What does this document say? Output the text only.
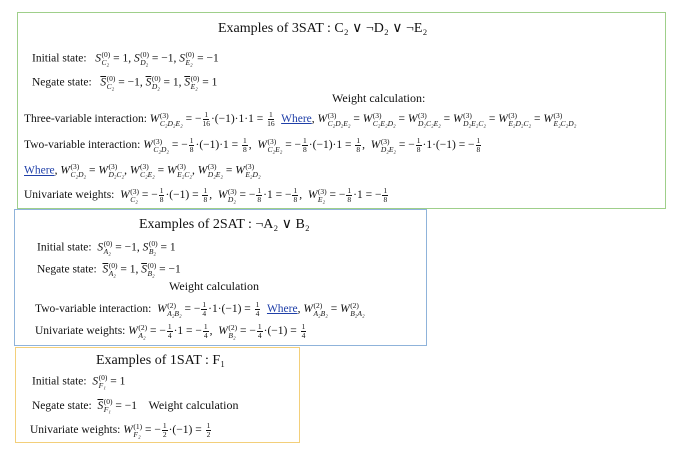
Examples of 3SAT : C₂ ∨ ¬D₂ ∨ ¬E₂
Initial state: S (0)
C₂ = 1, S (0)
D₂ = −1, S (0)
E₂ = −1
Negate state: $\overline{S}$ (0)
C₂ = −1, $\overline{S}$ (0)
D₂ = 1, $\overline{S}$ (0)
E₂ = 1
Weight calculation:
Three-variable interaction: W (3)
C₂D₂E₂ = − $\frac{1}{16} \cdot(-1)\cdot 1\cdot 1 = \frac{1}{16}$ Where, W (3)
C₂D₂E₂ = W (3)
C₂E₂D₂ = W (3)
D₂C₂E₂ = W (3)
D₂E₂C₂ = W (3)
E₂D₂C₂ = W (3)
E₂C₂D₂
Two-variable interaction: W (3)
C₂D₂ = − $\frac{1}{8} \cdot(-1)\cdot 1 = \frac{1}{8}$ ,  W (3)
C₂E₂ = − $\frac{1}{8} \cdot(-1)\cdot 1 = \frac{1}{8}$ ,  W (3)
D₂E₂ = − $\frac{1}{8} \cdot 1\cdot(-1)$ = − $\frac{1}{8}$
Where, W (3)
C₂D₂ = W (3)
D₂C₂ , W (3)
C₂E₂ = W (3)
E₂C₂ , W (3)
D₂E₂ = W (3)
E₂D₂
Univariate weights: W (3)
C₂ = − $\frac{1}{8} \cdot(-1) = \frac{1}{8}$ ,  W (3)
D₂ = − $\frac{1}{8} \cdot 1$ = − $\frac{1}{8}$ ,  W (3)
E₂ = − $\frac{1}{8} \cdot 1$ = − $\frac{1}{8}$
Examples of 2SAT : ¬A₂ ∨ B₂
Initial state: S (0)
A₂ = −1, S (0)
B₂ = 1
Negate state: $\overline{S}$ (0)
A₂ = 1, $\overline{S}$ (0)
B₂ = −1
Weight calculation
Two-variable interaction: W (2)
A₂B₂ = − $\frac{1}{4} \cdot 1\cdot(-1) = \frac{1}{4}$ Where, W (2)
A₂B₂ = W (2)
B₂A₂
Univariate weights: W (2)
A₂ = − $\frac{1}{4} \cdot 1$ = − $\frac{1}{4}$ ,  W (2)
B₂ = − $\frac{1}{4} \cdot(-1) = \frac{1}{4}$
Examples of 1SAT : F₁
Initial state: S (0)
F₁ = 1
Negate state: $\overline{S}$ (0)
F₁ = −1    Weight calculation
Univariate weights: W (1)
F₂ = − $\frac{1}{2} \cdot(-1) = \frac{1}{2}$
